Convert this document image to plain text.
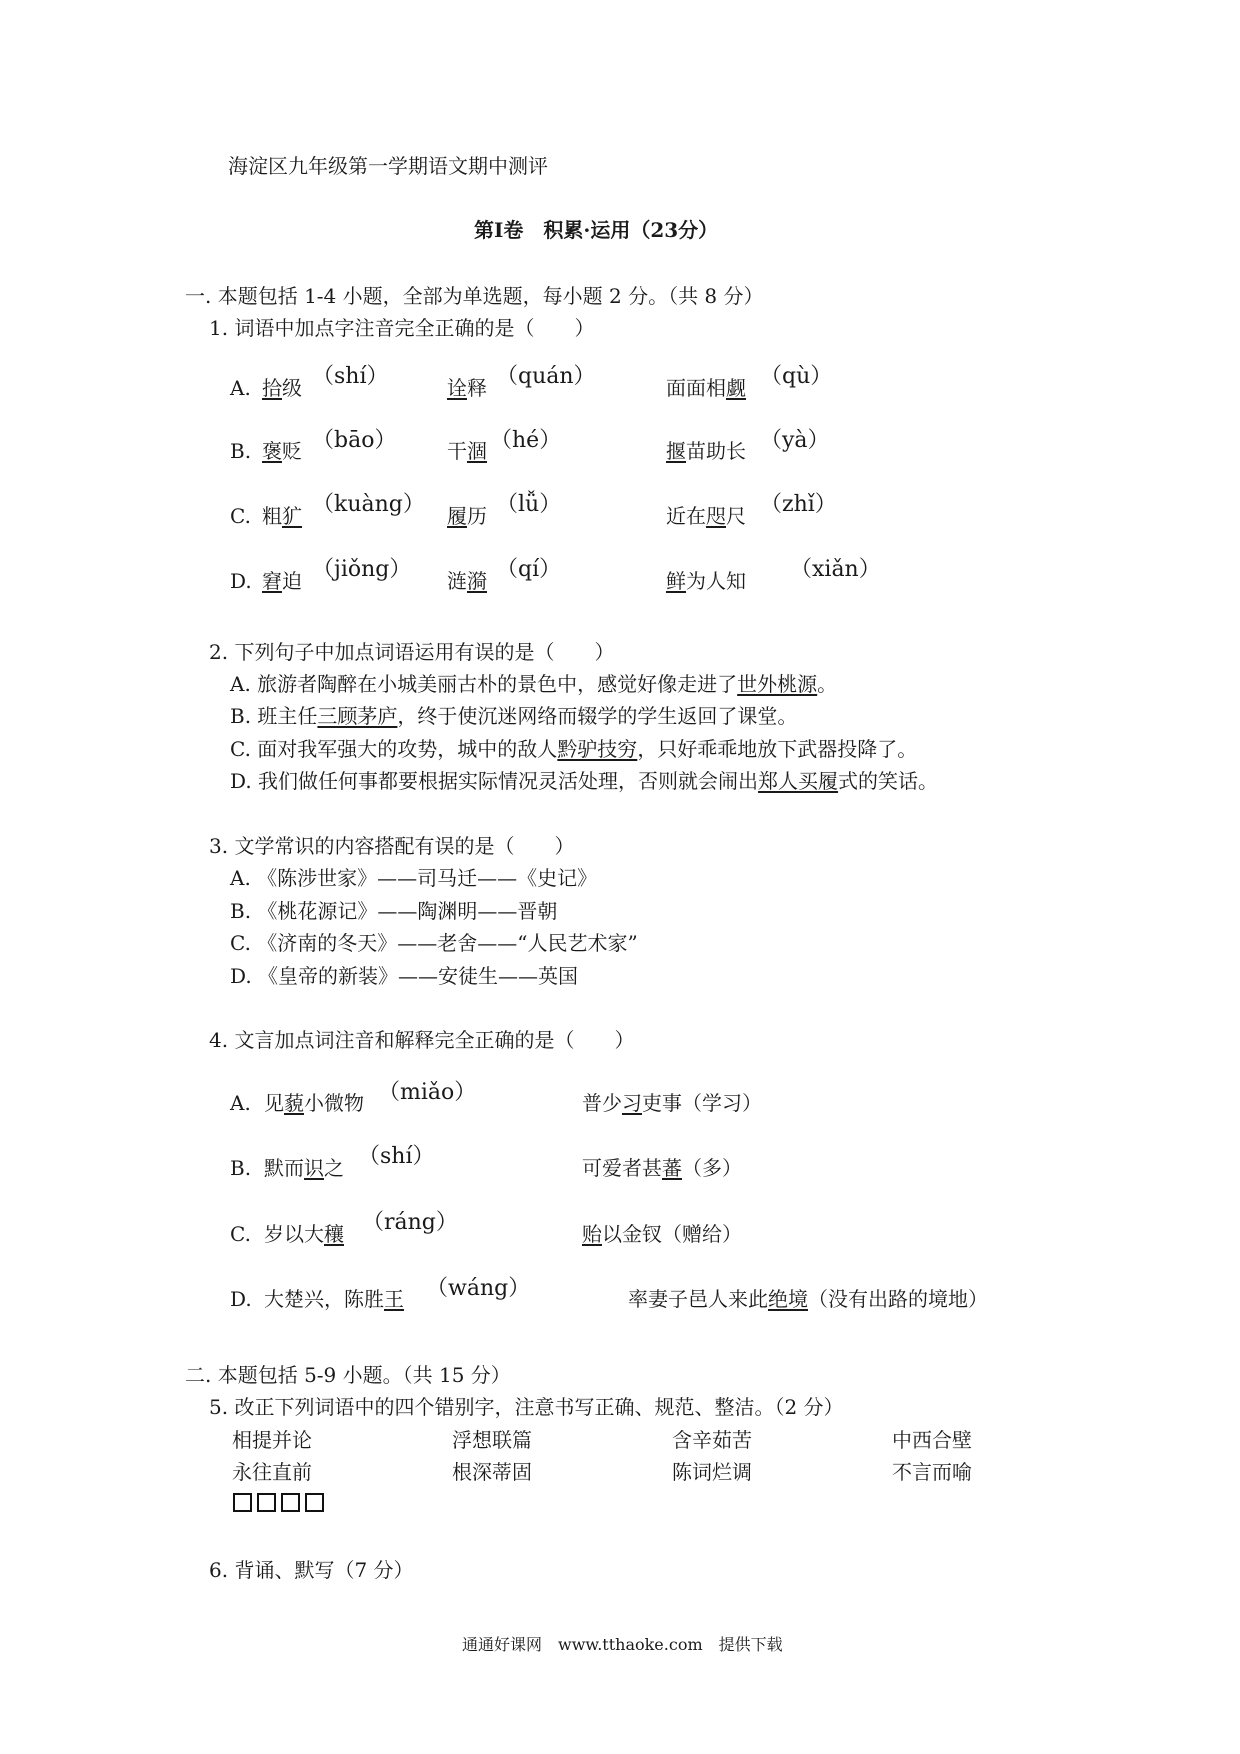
海淀区九年级第一学期语文期中测评
第Ⅰ卷　积累·运用（23分）
一. 本题包括 1-4 小题，全部为单选题，每小题 2 分。（共 8 分）
1. 词语中加点字注音完全正确的是（　　）
A. 拾级 （shí）	诠释 （quán）	面面相觑 （qù）
B. 褒贬 （bāo）	干涸 （hé）	揠苗助长 （yà）
C. 粗犷 （kuàng） 履历 （lǚ）	近在咫尺 （zhǐ）
D. 窘迫 （jiǒng） 涟漪 （qí）	鲜为人知 （xiǎn）
2. 下列句子中加点词语运用有误的是（　　）
A. 旅游者陶醉在小城美丽古朴的景色中，感觉好像走进了世外桃源。
B. 班主任三顾茅庐，终于使沉迷网络而辍学的学生返回了课堂。
C. 面对我军强大的攻势，城中的敌人黔驴技穷，只好乖乖地放下武器投降了。
D. 我们做任何事都要根据实际情况灵活处理，否则就会闹出郑人买履式的笑话。
3. 文学常识的内容搭配有误的是（　　）
A. 《陈涉世家》——司马迁——《史记》
B. 《桃花源记》——陶渊明——晋朝
C. 《济南的冬天》——老舍——“人民艺术家”
D. 《皇帝的新装》——安徒生——英国
4. 文言加点词注音和解释完全正确的是（　　）
A. 见藐小微物 （miǎo）	普少习吏事（学习）
B. 默而识之 （shí）	可爱者甚蕃（多）
C. 岁以大穰 （ráng）	贻以金钗（赠给）
D. 大楚兴，陈胜王 （wáng）	率妻子邑人来此绝境（没有出路的境地）
二. 本题包括 5-9 小题。（共 15 分）
5. 改正下列词语中的四个错别字，注意书写正确、规范、整洁。（2 分）
相提并论	浮想联篇	含辛茹苦	中西合壁
永往直前	根深蒂固	陈词烂调	不言而喻
6. 背诵、默写（7 分）
通通好课网　www.tthaoke.com　提供下载
